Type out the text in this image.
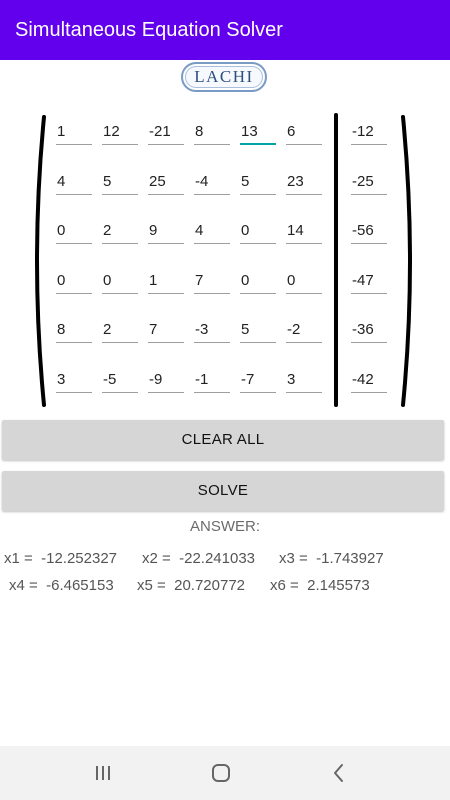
Simultaneous Equation Solver
LACHI
1	12	-21	8	13	6	-12
4	5	25	-4	5	23	-25
0	2	9	4	0	14	-56
0	0	1	7	0	0	-47
8	2	7	-3	5	-2	-36
3	-5	-9	-1	-7	3	-42
CLEAR ALL
SOLVE
ANSWER:
x1 =  -12.252327 x2 =  -22.241033 x3 =  -1.743927
x4 =  -6.465153 x5 =  20.720772 x6 =  2.145573
